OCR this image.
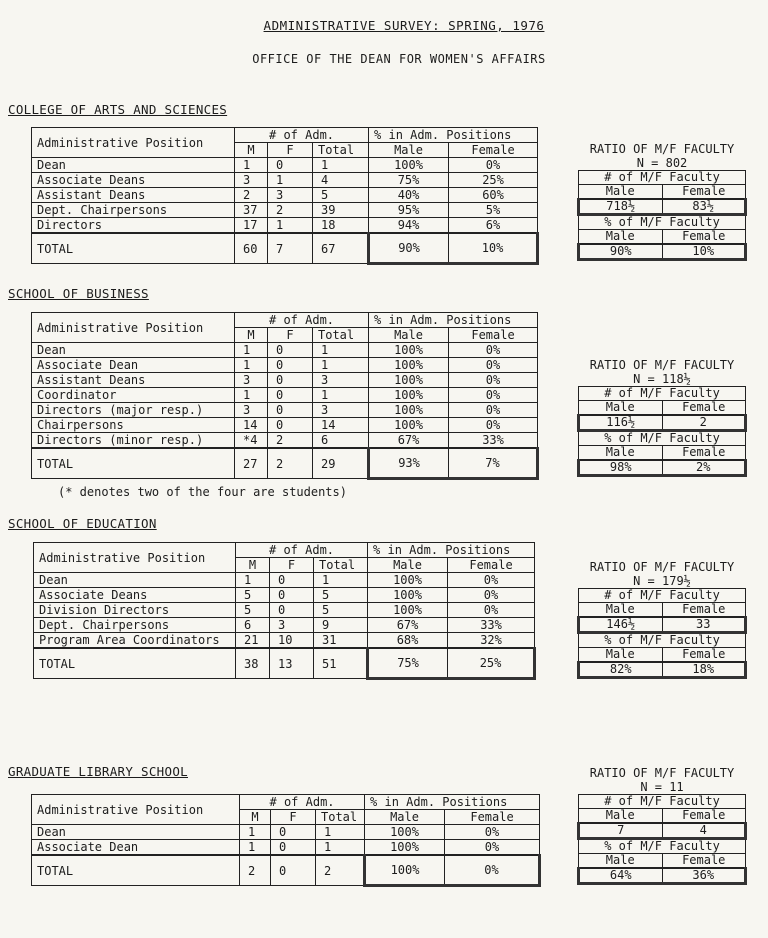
ADMINISTRATIVE SURVEY: SPRING, 1976
OFFICE OF THE DEAN FOR WOMEN'S AFFAIRS
COLLEGE OF ARTS AND SCIENCES
Administrative Position	# of Adm.			% in Adm. Positions	
	M	F	Total	Male	Female
Dean	1	0	1	100%	0%
Associate Deans	3	1	4	75%	25%
Assistant Deans	2	3	5	40%	60%
Dept. Chairpersons	37	2	39	95%	5%
Directors	17	1	18	94%	6%
TOTAL	60	7	67	90%	10%
RATIO OF M/F FACULTY
N = 802
# of M/F Faculty	
Male	Female
718½	83½
% of M/F Faculty	
Male	Female
90%	10%
SCHOOL OF BUSINESS
Administrative Position	# of Adm.			% in Adm. Positions	
	M	F	Total	Male	Female
Dean	1	0	1	100%	0%
Associate Dean	1	0	1	100%	0%
Assistant Deans	3	0	3	100%	0%
Coordinator	1	0	1	100%	0%
Directors (major resp.)	3	0	3	100%	0%
Chairpersons	14	0	14	100%	0%
Directors (minor resp.)	*4	2	6	67%	33%
TOTAL	27	2	29	93%	7%
(* denotes two of the four are students)
RATIO OF M/F FACULTY
N = 118½
# of M/F Faculty	
Male	Female
116½	2
% of M/F Faculty	
Male	Female
98%	2%
SCHOOL OF EDUCATION
Administrative Position	# of Adm.			% in Adm. Positions	
	M	F	Total	Male	Female
Dean	1	0	1	100%	0%
Associate Deans	5	0	5	100%	0%
Division Directors	5	0	5	100%	0%
Dept. Chairpersons	6	3	9	67%	33%
Program Area Coordinators	21	10	31	68%	32%
TOTAL	38	13	51	75%	25%
RATIO OF M/F FACULTY
N = 179½
# of M/F Faculty	
Male	Female
146½	33
% of M/F Faculty	
Male	Female
82%	18%
GRADUATE LIBRARY SCHOOL
Administrative Position	# of Adm.			% in Adm. Positions	
	M	F	Total	Male	Female
Dean	1	0	1	100%	0%
Associate Dean	1	0	1	100%	0%
TOTAL	2	0	2	100%	0%
RATIO OF M/F FACULTY
N = 11
# of M/F Faculty	
Male	Female
7	4
% of M/F Faculty	
Male	Female
64%	36%
